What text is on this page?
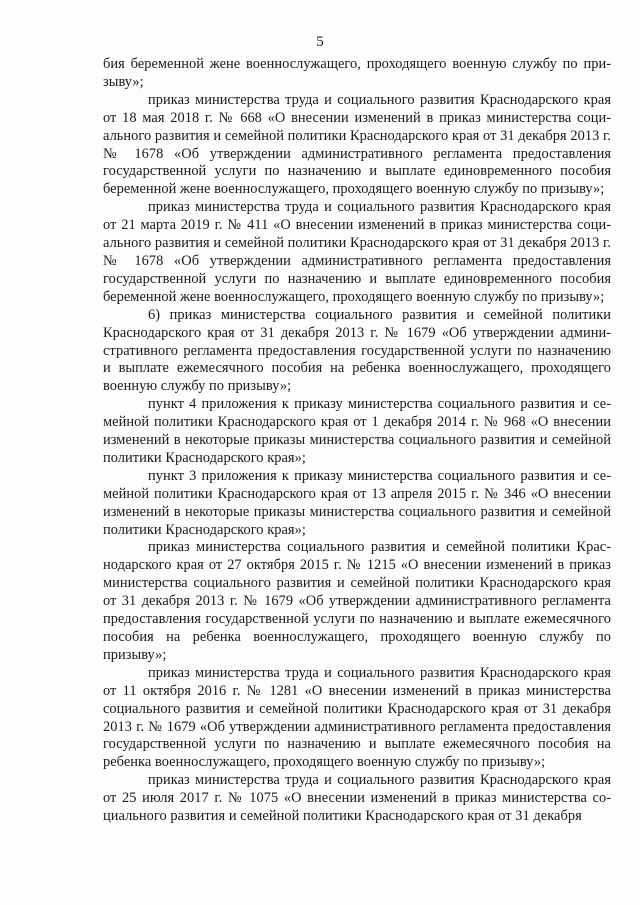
5

бия беременной жене военнослужащего, проходящего военную службу по призыву»;

приказ министерства труда и социального развития Краснодарского края от 18 мая 2018 г. № 668 «О внесении изменений в приказ министерства социального развития и семейной политики Краснодарского края от 31 декабря 2013 г. № 1678 «Об утверждении административного регламента предоставления государственной услуги по назначению и выплате единовременного пособия беременной жене военнослужащего, проходящего военную службу по призыву»;

приказ министерства труда и социального развития Краснодарского края от 21 марта 2019 г. № 411 «О внесении изменений в приказ министерства социального развития и семейной политики Краснодарского края от 31 декабря 2013 г. № 1678 «Об утверждении административного регламента предоставления государственной услуги по назначению и выплате единовременного пособия беременной жене военнослужащего, проходящего военную службу по призыву»;

6) приказ министерства социального развития и семейной политики Краснодарского края от 31 декабря 2013 г. № 1679 «Об утверждении административного регламента предоставления государственной услуги по назначению и выплате ежемесячного пособия на ребенка военнослужащего, проходящего военную службу по призыву»;

пункт 4 приложения к приказу министерства социального развития и семейной политики Краснодарского края от 1 декабря 2014 г. № 968 «О внесении изменений в некоторые приказы министерства социального развития и семейной политики Краснодарского края»;

пункт 3 приложения к приказу министерства социального развития и семейной политики Краснодарского края от 13 апреля 2015 г. № 346 «О внесении изменений в некоторые приказы министерства социального развития и семейной политики Краснодарского края»;

приказ министерства социального развития и семейной политики Краснодарского края от 27 октября 2015 г. № 1215 «О внесении изменений в приказ министерства социального развития и семейной политики Краснодарского края от 31 декабря 2013 г. № 1679 «Об утверждении административного регламента предоставления государственной услуги по назначению и выплате ежемесячного пособия на ребенка военнослужащего, проходящего военную службу по призыву»;

приказ министерства труда и социального развития Краснодарского края от 11 октября 2016 г. № 1281 «О внесении изменений в приказ министерства социального развития и семейной политики Краснодарского края от 31 декабря 2013 г. № 1679 «Об утверждении административного регламента предоставления государственной услуги по назначению и выплате ежемесячного пособия на ребенка военнослужащего, проходящего военную службу по призыву»;

приказ министерства труда и социального развития Краснодарского края от 25 июля 2017 г. № 1075 «О внесении изменений в приказ министерства социального развития и семейной политики Краснодарского края от 31 декабря
